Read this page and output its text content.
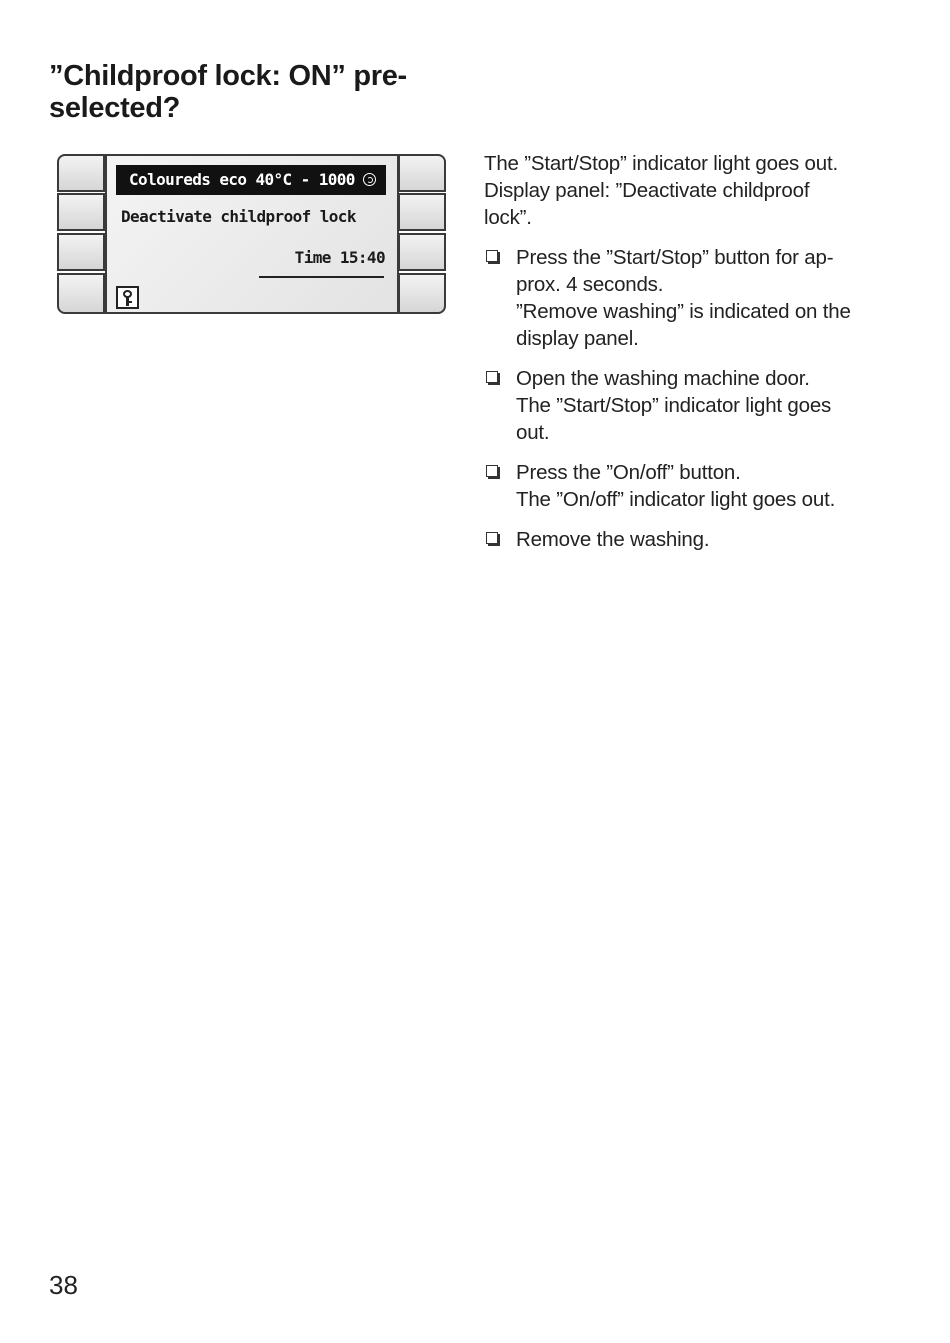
”Childproof lock: ON” pre-
selected?
Coloureds eco 40°C - 1000
Deactivate childproof lock
Time 15:40

The ”Start/Stop” indicator light goes out.
Display panel: ”Deactivate childproof
lock”.

Press the ”Start/Stop” button for ap-
prox. 4 seconds.
”Remove washing” is indicated on the
display panel.
Open the washing machine door.
The ”Start/Stop” indicator light goes
out.
Press the ”On/off” button.
The ”On/off” indicator light goes out.
Remove the washing.
38
